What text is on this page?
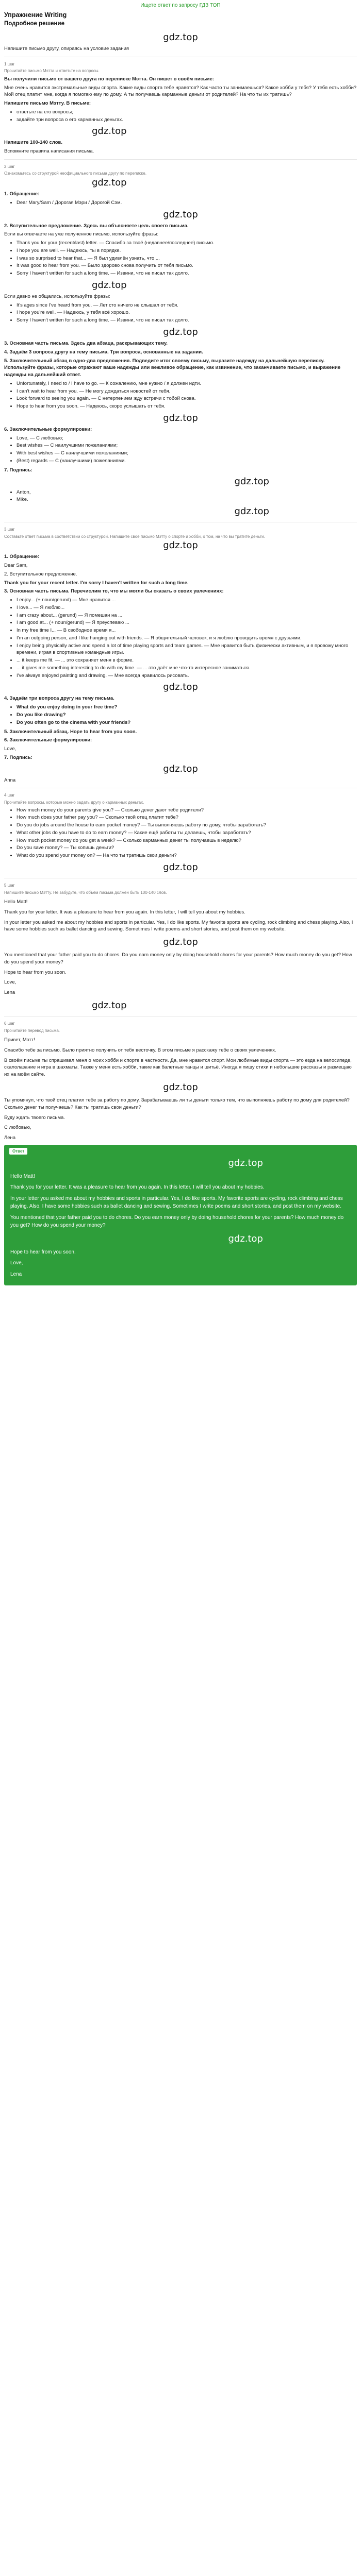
Ищете ответ по запросу ГДЗ ТОП
Упражнение Writing
Подробное решение
gdz.top

Напишите письмо другу, опираясь на условие задания

1 шаг
Прочитайте письмо Мэтта и ответьте на вопросы.

Вы получили письмо от вашего друга по переписке Мэтта. Он пишет в своём письме:

Мне очень нравится экстремальные виды спорта. Какие виды спорта тебе нравятся? Как часто ты занимаешься? Какое хобби у тебя? У тебя есть хобби? Мой отец платит мне, когда я помогаю ему по дому. А ты получаешь карманные деньги от родителей? На что ты их тратишь?

Напишите письмо Мэтту. В письме:

• ответьте на его вопросы;
• задайте три вопроса о его карманных деньгах.
gdz.top

Напишите 100-140 слов.

Вспомните правила написания письма.

2 шаг
Ознакомьтесь со структурой неофициального письма другу по переписке.
gdz.top

1. Обращение:

• Dear Mary/Sam / Дорогая Мэри / Дорогой Сэм.
gdz.top

2. Вступительное предложение. Здесь вы объясняете цель своего письма.

Если вы отвечаете на уже полученное письмо, используйте фразы:

• Thank you for your (recent/last) letter. — Спасибо за твоё (недавнее/последнее) письмо.
• I hope you are well. — Надеюсь, ты в порядке.
• I was so surprised to hear that... — Я был удивлён узнать, что ...
• It was good to hear from you. — Было здорово снова получить от тебя письмо.
• Sorry I haven't written for such a long time. — Извини, что не писал так долго.
gdz.top

Если давно не общались, используйте фразы:

• It's ages since I've heard from you. — Лет сто ничего не слышал от тебя.
• I hope you're well. — Надеюсь, у тебя всё хорошо.
• Sorry I haven't written for such a long time. — Извини, что не писал так долго.
gdz.top

3. Основная часть письма. Здесь два абзаца, раскрывающих тему.

4. Задаём 3 вопроса другу на тему письма. Три вопроса, основанные на задании.

5. Заключительный абзац в одно-два предложения. Подведите итог своему письму, выразите надежду на дальнейшую переписку. Используйте фразы, которые отражают ваше надежды или вежливое обращение, как извинение, что заканчиваете письмо, и выражение надежды на дальнейший ответ.

• Unfortunately, I need to / I have to go. — К сожалению, мне нужно / я должен идти.
• I can't wait to hear from you. — Не могу дождаться новостей от тебя.
• Look forward to seeing you again. — С нетерпением жду встречи с тобой снова.
• Hope to hear from you soon. — Надеюсь, скоро услышать от тебя.
gdz.top

6. Заключительные формулировки:

• Love, — С любовью;
• Best wishes — С наилучшими пожеланиями;
• With best wishes — С наилучшими пожеланиями;
• (Best) regards — С (наилучшими) пожеланиями.

7. Подпись:

gdz.top
• Anton,
• Mike.
gdz.top
3 шаг
Составьте ответ письма в соответствии со структурой. Напишите своё письмо Мэтту о спорте и хобби, о том, на что вы тратите деньги.
gdz.top

1. Обращение:

Dear Sam,

2. Вступительное предложение.

Thank you for your recent letter. I'm sorry I haven't written for such a long time.

3. Основная часть письма. Перечислим то, что мы могли бы сказать о своих увлечениях:

• I enjoy... (+ noun/gerund) — Мне нравится ...
• I love... — Я люблю...
• I am crazy about... (gerund) — Я помешан на ...
• I am good at... (+ noun/gerund) — Я преуспеваю ...
• In my free time I... — В свободное время я...
• I'm an outgoing person, and I like hanging out with friends. — Я общительный человек, и я люблю проводить время с друзьями.
• I enjoy being physically active and spend a lot of time playing sports and team games. — Мне нравится быть физически активным, и я провожу много времени, играя в спортивные командные игры.
• ... it keeps me fit. — ... это сохраняет меня в форме.
• ... it gives me something interesting to do with my time. — ... это даёт мне что-то интересное заниматься.
• I've always enjoyed painting and drawing. — Мне всегда нравилось рисовать.
gdz.top

4. Задаём три вопроса другу на тему письма.

• What do you enjoy doing in your free time?
• Do you like drawing?
• Do you often go to the cinema with your friends?

5. Заключительный абзац. Hope to hear from you soon.

6. Заключительные формулировки:

Love,

7. Подпись:

gdz.top

Anna

4 шаг
Прочитайте вопросы, которые можно задать другу о карманных деньгах.
• How much money do your parents give you? — Сколько денег дают тебе родители?
• How much does your father pay you? — Сколько твой отец платит тебе?
• Do you do jobs around the house to earn pocket money? — Ты выполняешь работу по дому, чтобы заработать?
• What other jobs do you have to do to earn money? — Какие ещё работы ты делаешь, чтобы заработать?
• How much pocket money do you get a week? — Сколько карманных денег ты получаешь в неделю?
• Do you save money? — Ты копишь деньги?
• What do you spend your money on? — На что ты тратишь свои деньги?
gdz.top
5 шаг
Напишите письмо Мэтту. Не забудьте, что объём письма должен быть 100-140 слов.

Hello Matt!

Thank you for your letter. It was a pleasure to hear from you again. In this letter, I will tell you about my hobbies.

In your letter you asked me about my hobbies and sports in particular. Yes, I do like sports. My favorite sports are cycling, rock climbing and chess playing. Also, I have some hobbies such as ballet dancing and sewing. Sometimes I write poems and short stories, and post them on my website.

gdz.top

You mentioned that your father paid you to do chores. Do you earn money only by doing household chores for your parents? How much money do you get? How do you spend your money?

Hope to hear from you soon.

Love,

Lena

gdz.top
6 шаг
Прочитайте перевод письма.

Привет, Мэтт!

Спасибо тебе за письмо. Было приятно получить от тебя весточку. В этом письме я расскажу тебе о своих увлечениях.

В своём письме ты спрашивал меня о моих хобби и спорте в частности. Да, мне нравится спорт. Мои любимые виды спорта — это езда на велосипеде, скалолазание и игра в шахматы. Также у меня есть хобби, такие как балетные танцы и шитьё. Иногда я пишу стихи и небольшие рассказы и размещаю их на моём сайте.

gdz.top

Ты упомянул, что твой отец платил тебе за работу по дому. Зарабатываешь ли ты деньги только тем, что выполняешь работу по дому для родителей? Сколько денег ты получаешь? Как ты тратишь свои деньги?

Буду ждать твоего письма.

С любовью,

Лена

Ответ
gdz.top

Hello Matt!

Thank you for your letter. It was a pleasure to hear from you again. In this letter, I will tell you about my hobbies.

In your letter you asked me about my hobbies and sports in particular. Yes, I do like sports. My favorite sports are cycling, rock climbing and chess playing. Also, I have some hobbies such as ballet dancing and sewing. Sometimes I write poems and short stories, and post them on my website.

You mentioned that your father paid you to do chores. Do you earn money only by doing household chores for your parents? How much money do you get? How do you spend your money?

gdz.top

Hope to hear from you soon.

Love,

Lena
